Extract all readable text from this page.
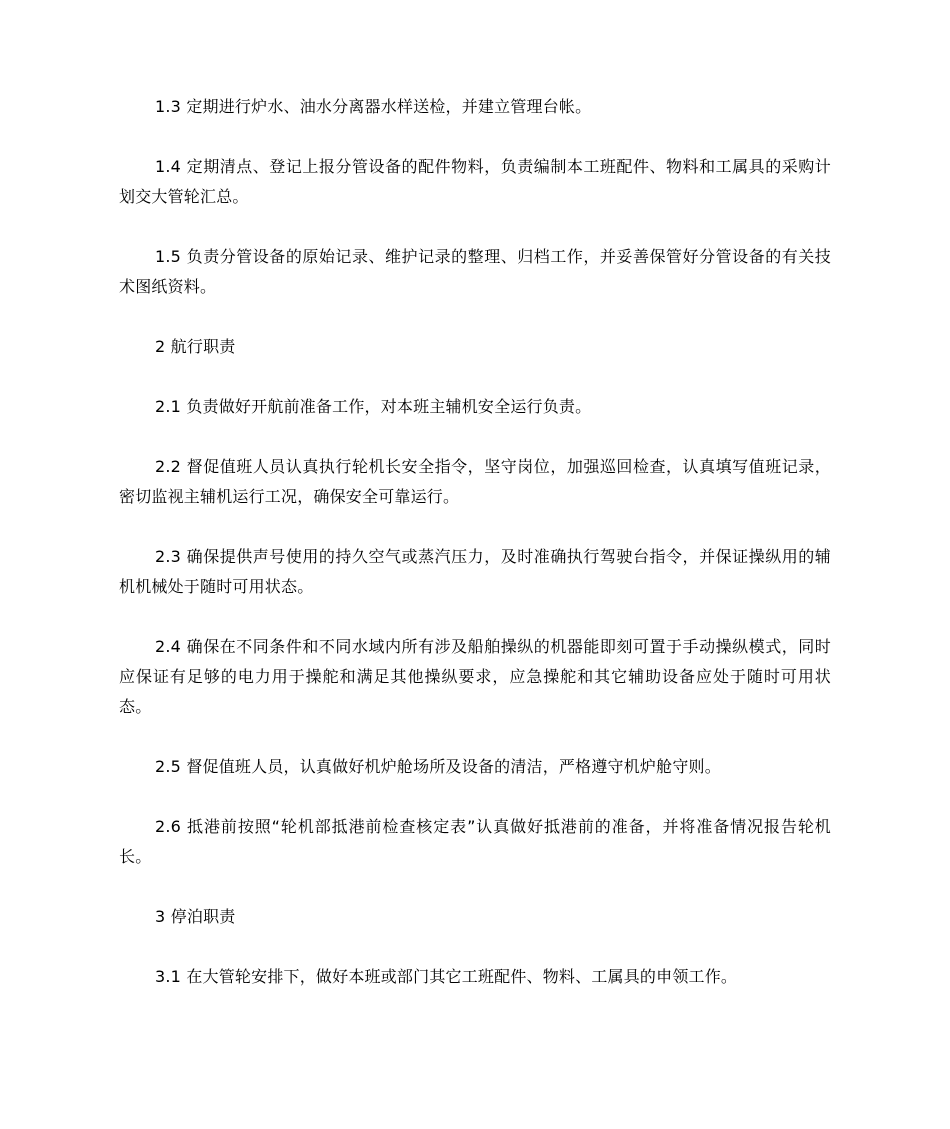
1.3 定期进行炉水、油水分离器水样送检，并建立管理台帐。

1.4 定期清点、登记上报分管设备的配件物料，负责编制本工班配件、物料和工属具的采购计划交大管轮汇总。

1.5 负责分管设备的原始记录、维护记录的整理、归档工作，并妥善保管好分管设备的有关技术图纸资料。

2 航行职责

2.1 负责做好开航前准备工作，对本班主辅机安全运行负责。

2.2 督促值班人员认真执行轮机长安全指令，坚守岗位，加强巡回检查，认真填写值班记录，密切监视主辅机运行工况，确保安全可靠运行。

2.3 确保提供声号使用的持久空气或蒸汽压力，及时准确执行驾驶台指令，并保证操纵用的辅机机械处于随时可用状态。

2.4 确保在不同条件和不同水域内所有涉及船舶操纵的机器能即刻可置于手动操纵模式，同时应保证有足够的电力用于操舵和满足其他操纵要求，应急操舵和其它辅助设备应处于随时可用状态。

2.5 督促值班人员，认真做好机炉舱场所及设备的清洁，严格遵守机炉舱守则。

2.6 抵港前按照“轮机部抵港前检查核定表”认真做好抵港前的准备，并将准备情况报告轮机长。

3 停泊职责

3.1 在大管轮安排下，做好本班或部门其它工班配件、物料、工属具的申领工作。
